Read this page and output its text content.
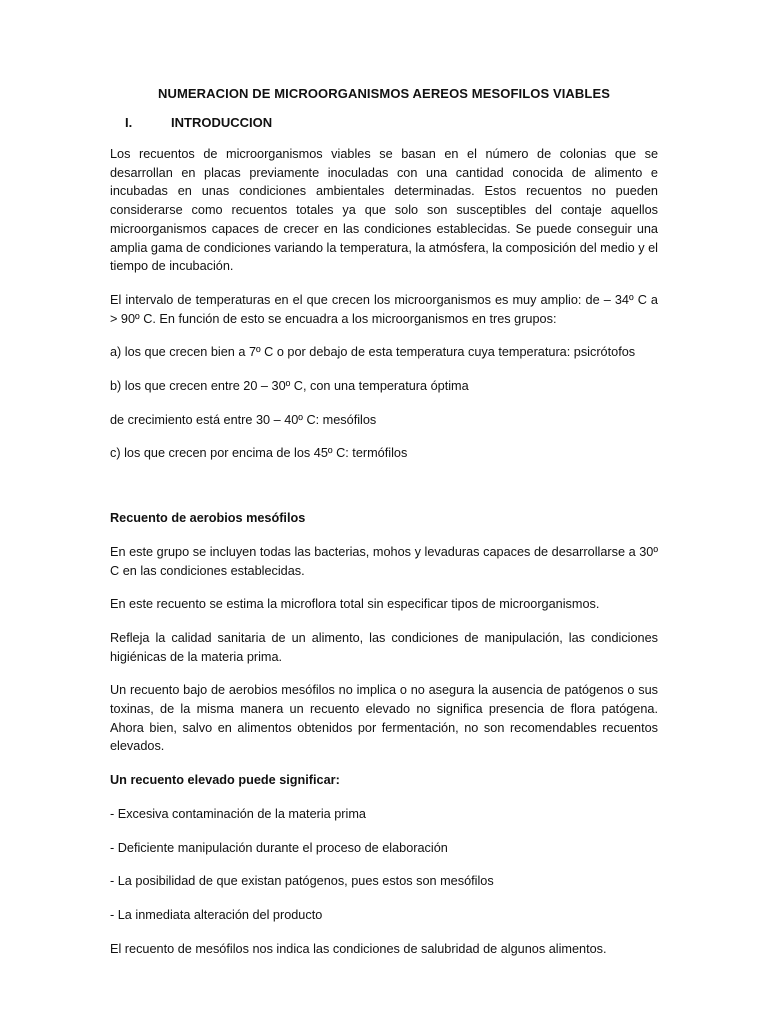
NUMERACION DE MICROORGANISMOS AEREOS MESOFILOS VIABLES
I.	INTRODUCCION

Los recuentos de microorganismos viables se basan en el número de colonias que se desarrollan en placas previamente inoculadas con una cantidad conocida de alimento e incubadas en unas condiciones ambientales determinadas. Estos recuentos no pueden considerarse como recuentos totales ya que solo son susceptibles del contaje aquellos microorganismos capaces de crecer en las condiciones establecidas. Se puede conseguir una amplia gama de condiciones variando la temperatura, la atmósfera, la composición del medio y el tiempo de incubación.

El intervalo de temperaturas en el que crecen los microorganismos es muy amplio: de – 34º C a > 90º C. En función de esto se encuadra a los microorganismos en tres grupos:

a) los que crecen bien a 7º C o por debajo de esta temperatura cuya temperatura: psicrótofos

b) los que crecen entre 20 – 30º C, con una temperatura óptima

de crecimiento está entre 30 – 40º C: mesófilos

c) los que crecen por encima de los 45º C: termófilos

Recuento de aerobios mesófilos

En este grupo se incluyen todas las bacterias, mohos y levaduras capaces de desarrollarse a 30º C en las condiciones establecidas.

En este recuento se estima la microflora total sin especificar tipos de microorganismos.

Refleja la calidad sanitaria de un alimento, las condiciones de manipulación, las condiciones higiénicas de la materia prima.

Un recuento bajo de aerobios mesófilos no implica o no asegura la ausencia de patógenos o sus toxinas, de la misma manera un recuento elevado no significa presencia de flora patógena. Ahora bien, salvo en alimentos obtenidos por fermentación, no son recomendables recuentos elevados.

Un recuento elevado puede significar:

- Excesiva contaminación de la materia prima

- Deficiente manipulación durante el proceso de elaboración

- La posibilidad de que existan patógenos, pues estos son mesófilos

- La inmediata alteración del producto

El recuento de mesófilos nos indica las condiciones de salubridad de algunos alimentos.
